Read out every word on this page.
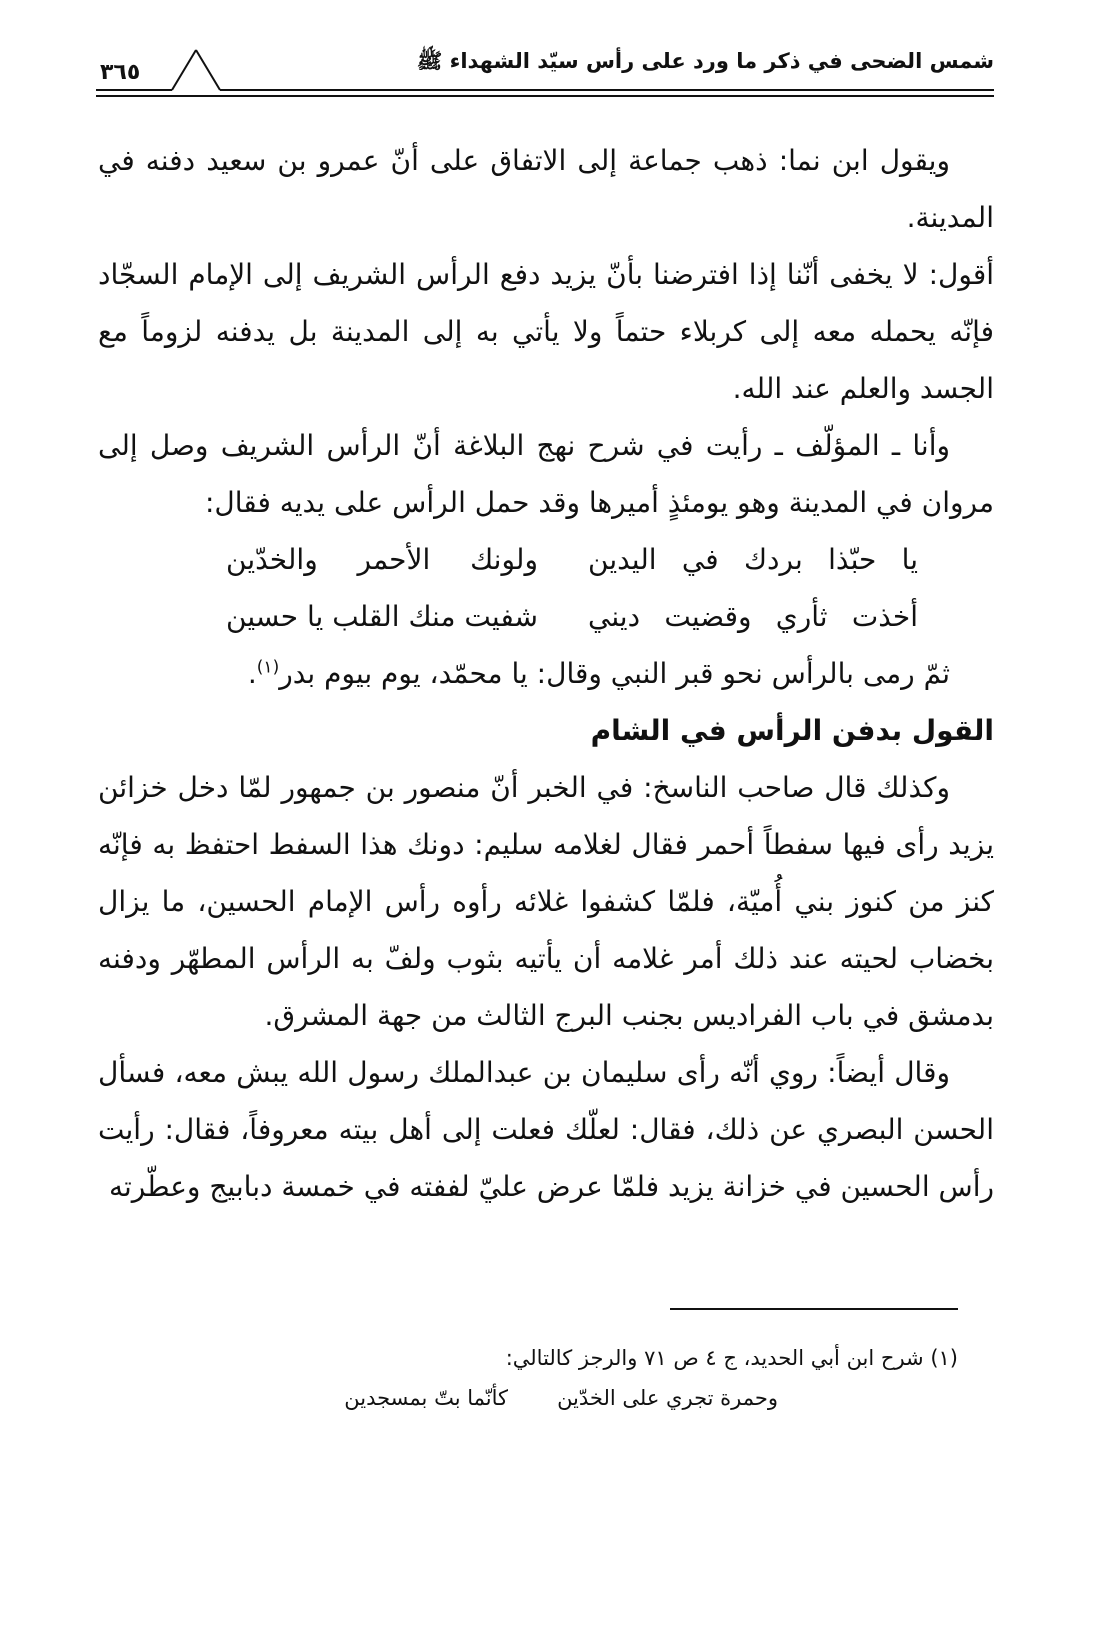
شمس الضحى في ذكر ما ورد على رأس سيّد الشهداء ﷺ
٣٦٥

ويقول ابن نما: ذهب جماعة إلى الاتفاق على أنّ عمرو بن سعيد دفنه في المدينة.

أقول: لا يخفى أنّنا إذا افترضنا بأنّ يزيد دفع الرأس الشريف إلى الإمام السجّاد فإنّه يحمله معه إلى كربلاء حتماً ولا يأتي به إلى المدينة بل يدفنه لزوماً مع الجسد والعلم عند الله.

وأنا ـ المؤلّف ـ رأيت في شرح نهج البلاغة أنّ الرأس الشريف وصل إلى مروان في المدينة وهو يومئذٍ أميرها وقد حمل الرأس على يديه فقال:

يا حبّذا بردك في اليدين
ولونك الأحمر والخدّين
أخذت ثأري وقضيت ديني
شفيت منك القلب يا حسين

ثمّ رمى بالرأس نحو قبر النبي وقال: يا محمّد، يوم بيوم بدر$^{(١)}$.

القول بدفن الرأس في الشام

وكذلك قال صاحب الناسخ: في الخبر أنّ منصور بن جمهور لمّا دخل خزائن يزيد رأى فيها سفطاً أحمر فقال لغلامه سليم: دونك هذا السفط احتفظ به فإنّه كنز من كنوز بني أُميّة، فلمّا كشفوا غلائه رأوه رأس الإمام الحسين، ما يزال بخضاب لحيته عند ذلك أمر غلامه أن يأتيه بثوب ولفّ به الرأس المطهّر ودفنه بدمشق في باب الفراديس بجنب البرج الثالث من جهة المشرق.

وقال أيضاً: روي أنّه رأى سليمان بن عبدالملك رسول الله يبش معه، فسأل الحسن البصري عن ذلك، فقال: لعلّك فعلت إلى أهل بيته معروفاً، فقال: رأيت رأس الحسين في خزانة يزيد فلمّا عرض عليّ لففته في خمسة دبابيج وعطّرته

(١) شرح ابن أبي الحديد، ج ٤ ص ٧١ والرجز كالتالي:
وحمرة تجري على الخدّين
كأنّما بتّ بمسجدين
